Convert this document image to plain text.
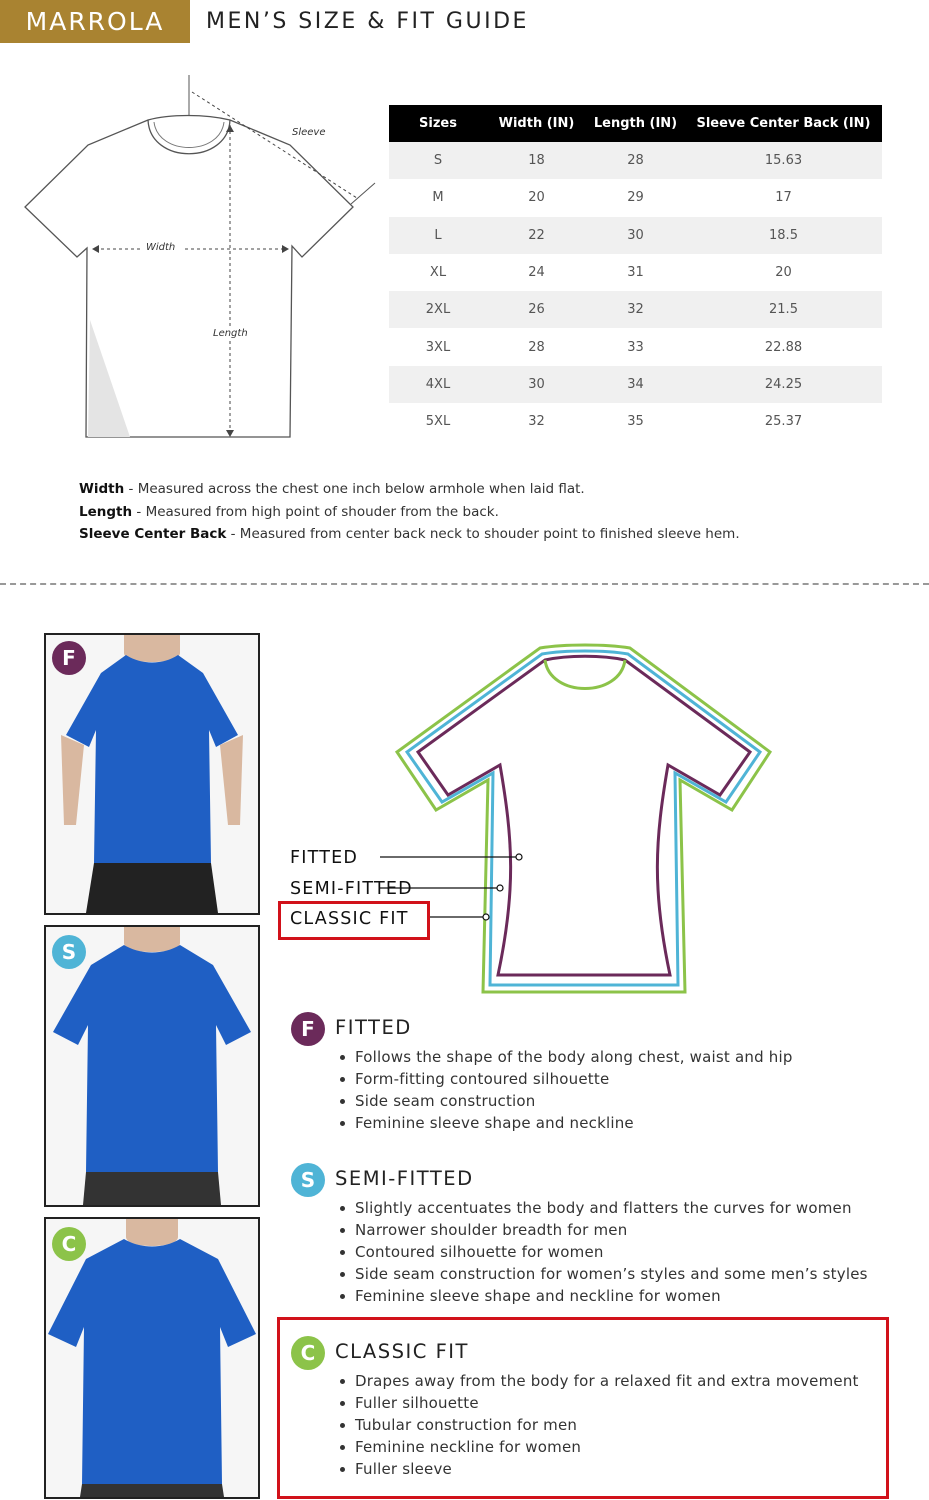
MARROLA	MEN’S SIZE & FIT GUIDE
Sleeve
Width
Length
Sizes	Width (IN)	Length (IN)	Sleeve Center Back (IN)
S	18	28	15.63
M	20	29	17
L	22	30	18.5
XL	24	31	20
2XL	26	32	21.5
3XL	28	33	22.88
4XL	30	34	24.25
5XL	32	35	25.37
Width - Measured across the chest one inch below armhole when laid flat.
Length - Measured from high point of shouder from the back.
Sleeve Center Back - Measured from center back neck to shouder point to finished sleeve hem.
F
S
C
FITTED
SEMI-FITTED
CLASSIC FIT
F	FITTED
Follows the shape of the body along chest, waist and hip
Form-fitting contoured silhouette
Side seam construction
Feminine sleeve shape and neckline
S	SEMI-FITTED
Slightly accentuates the body and flatters the curves for women
Narrower shoulder breadth for men
Contoured silhouette for women
Side seam construction for women’s styles and some men’s styles
Feminine sleeve shape and neckline for women
C	CLASSIC FIT
Drapes away from the body for a relaxed fit and extra movement
Fuller silhouette
Tubular construction for men
Feminine neckline for women
Fuller sleeve
